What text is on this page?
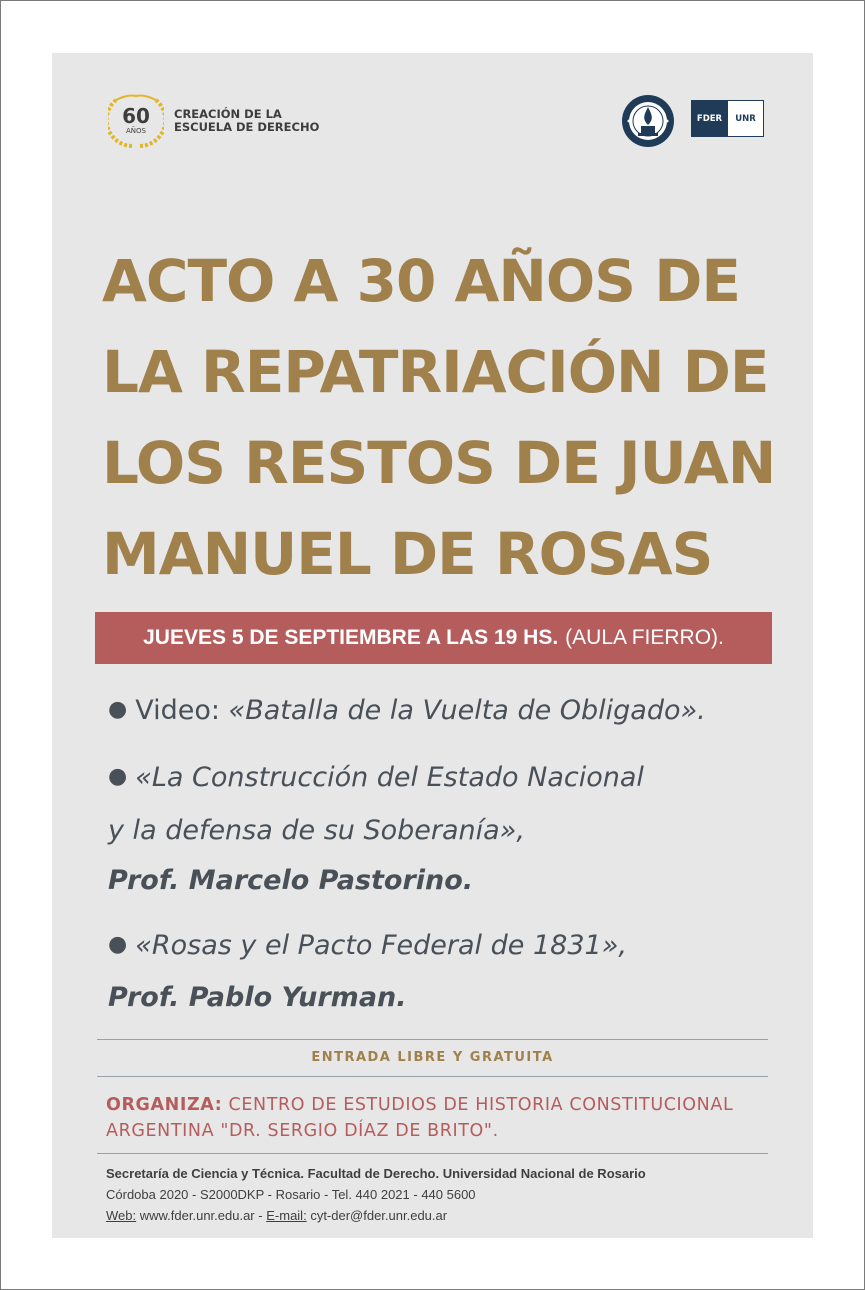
60
AÑOS
CREACIÓN DE LA
ESCUELA DE DERECHO
FDER	UNR
ACTO A 30 AÑOS DE
LA REPATRIACIÓN DE
LOS RESTOS DE JUAN
MANUEL DE ROSAS
JUEVES 5 DE SEPTIEMBRE A LAS 19 HS. (AULA FIERRO).
● Video: «Batalla de la Vuelta de Obligado».
● «La Construcción del Estado Nacional
y la defensa de su Soberanía»,
Prof. Marcelo Pastorino.
● «Rosas y el Pacto Federal de 1831»,
Prof. Pablo Yurman.
ENTRADA LIBRE Y GRATUITA
ORGANIZA: CENTRO DE ESTUDIOS DE HISTORIA CONSTITUCIONAL
ARGENTINA "DR. SERGIO DÍAZ DE BRITO".
Secretaría de Ciencia y Técnica. Facultad de Derecho. Universidad Nacional de Rosario
Córdoba 2020 - S2000DKP - Rosario - Tel. 440 2021 - 440 5600
Web: www.fder.unr.edu.ar - E-mail: cyt-der@fder.unr.edu.ar
